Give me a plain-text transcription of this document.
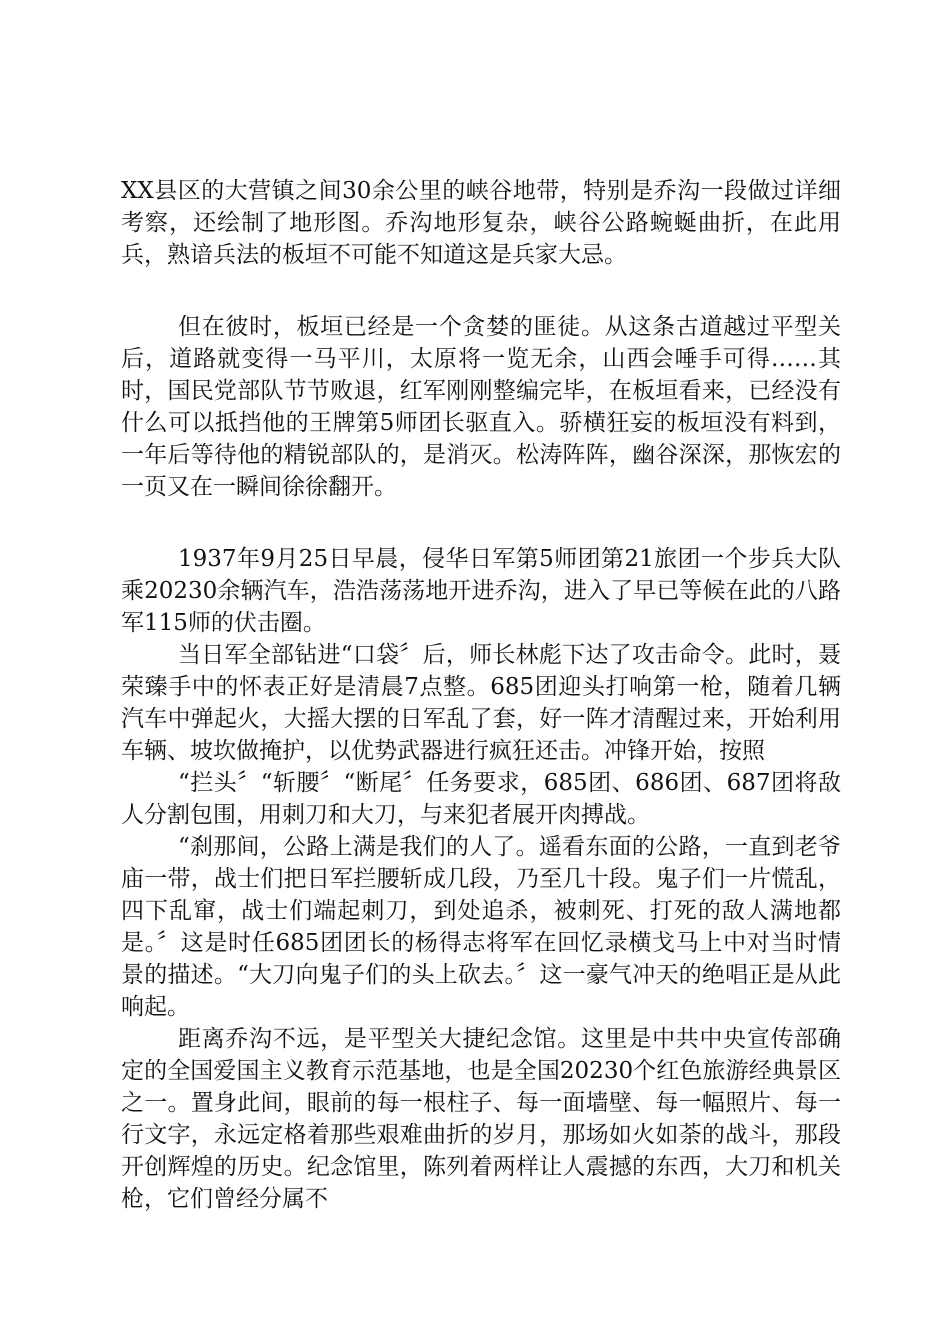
XX县区的大营镇之间30余公里的峡谷地带，特别是乔沟一段做过详细考察，还绘制了地形图。乔沟地形复杂，峡谷公路蜿蜒曲折，在此用兵，熟谙兵法的板垣不可能不知道这是兵家大忌。

但在彼时，板垣已经是一个贪婪的匪徒。从这条古道越过平型关后，道路就变得一马平川，太原将一览无余，山西会唾手可得……其时，国民党部队节节败退，红军刚刚整编完毕，在板垣看来，已经没有什么可以抵挡他的王牌第5师团长驱直入。骄横狂妄的板垣没有料到，一年后等待他的精锐部队的，是消灭。松涛阵阵，幽谷深深，那恢宏的一页又在一瞬间徐徐翻开。

1937年9月25日早晨，侵华日军第5师团第21旅团一个步兵大队乘20230余辆汽车，浩浩荡荡地开进乔沟，进入了早已等候在此的八路军115师的伏击圈。

当日军全部钻进“口袋〞后，师长林彪下达了攻击命令。此时，聂荣臻手中的怀表正好是清晨7点整。685团迎头打响第一枪，随着几辆汽车中弹起火，大摇大摆的日军乱了套，好一阵才清醒过来，开始利用车辆、坡坎做掩护，以优势武器进行疯狂还击。冲锋开始，按照

“拦头〞“斩腰〞“断尾〞任务要求，685团、686团、687团将敌人分割包围，用刺刀和大刀，与来犯者展开肉搏战。

“刹那间，公路上满是我们的人了。遥看东面的公路，一直到老爷庙一带，战士们把日军拦腰斩成几段，乃至几十段。鬼子们一片慌乱，四下乱窜，战士们端起刺刀，到处追杀，被刺死、打死的敌人满地都是。〞这是时任685团团长的杨得志将军在回忆录横戈马上中对当时情景的描述。“大刀向鬼子们的头上砍去。〞这一豪气冲天的绝唱正是从此响起。

距离乔沟不远，是平型关大捷纪念馆。这里是中共中央宣传部确定的全国爱国主义教育示范基地，也是全国20230个红色旅游经典景区之一。置身此间，眼前的每一根柱子、每一面墙壁、每一幅照片、每一行文字，永远定格着那些艰难曲折的岁月，那场如火如荼的战斗，那段开创辉煌的历史。纪念馆里，陈列着两样让人震撼的东西，大刀和机关枪，它们曾经分属不
